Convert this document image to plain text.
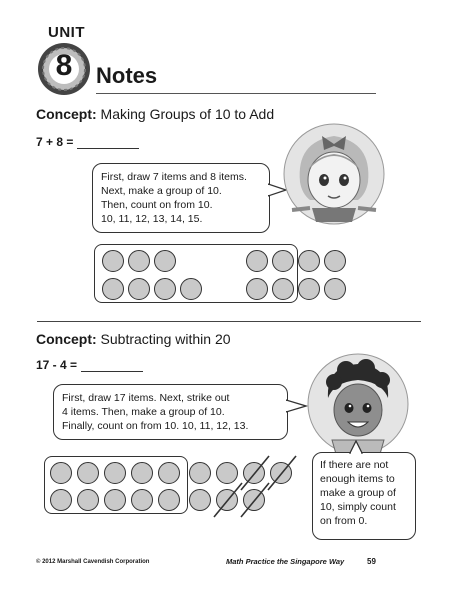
UNIT
8	Notes
Concept: Making Groups of 10 to Add
7 + 8 =
First, draw 7 items and 8 items.
Next, make a group of 10.
Then, count on from 10.
10, 11, 12, 13, 14, 15.
Concept: Subtracting within 20
17 - 4 =
First, draw 17 items. Next, strike out
4 items. Then, make a group of 10.
Finally, count on from 10. 10, 11, 12, 13.
If there are not
enough items to
make a group of
10, simply count
on from 0.
© 2012 Marshall Cavendish Corporation	Math Practice the Singapore Way	59
